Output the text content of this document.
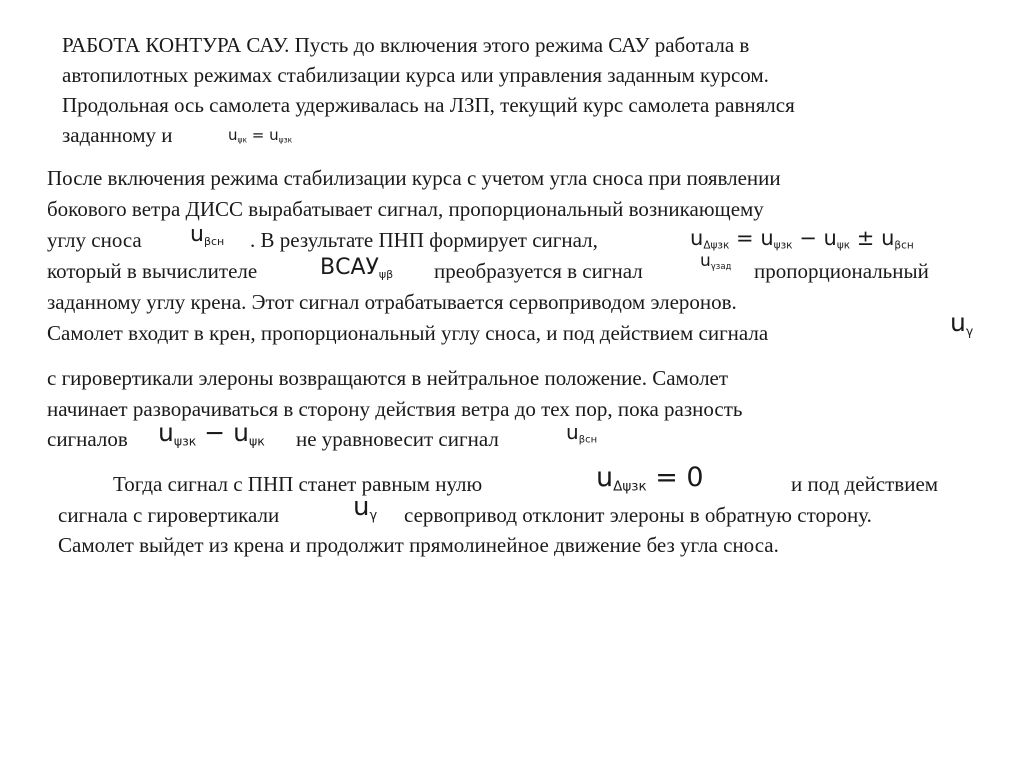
РАБОТА КОНТУРА САУ. Пусть до включения этого режима САУ работала в
автопилотных режимах стабилизации курса или управления заданным курсом.
Продольная ось самолета удерживалась на ЛЗП, текущий курс самолета равнялся
заданному и	$u_{\psi к} = u_{\psi зк}$
После включения режима стабилизации курса с учетом угла сноса при появлении
бокового ветра ДИСС вырабатывает сигнал, пропорциональный возникающему
углу сноса $u_{\beta сн}$ . В результате ПНП формирует сигнал,	$u_{\Delta\psi зк} = u_{\psi зк} - u_{\psi к} \pm u_{\beta сн}$
который в вычислителе	$ВСАУ_{\psi\beta}$ преобразуется в сигнал	$u_{\gamma зад}$ пропорциональный
заданному углу крена. Этот сигнал отрабатывается сервоприводом элеронов.
Самолет входит в крен, пропорциональный углу сноса, и под действием сигнала	$u_\gamma$
с гировертикали элероны возвращаются в нейтральное положение. Самолет
начинает разворачиваться в сторону действия ветра до тех пор, пока разность
сигналов $u_{\psi зк} - u_{\psi к}$ не уравновесит сигнал	$u_{\beta сн}$
Тогда сигнал с ПНП станет равным нулю	$u_{\Delta\psi зк} = 0$	и под действием
сигнала с гировертикали	$u_\gamma$ сервопривод отклонит элероны в обратную сторону.
Самолет выйдет из крена и продолжит прямолинейное движение без угла сноса.
